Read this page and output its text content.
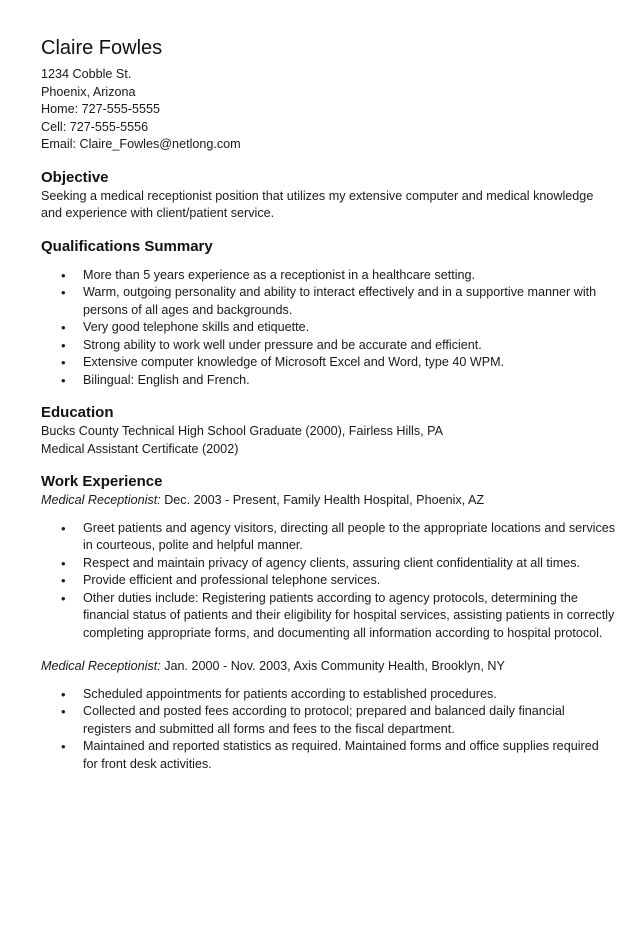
Claire Fowles
1234 Cobble St.
Phoenix, Arizona
Home: 727-555-5555
Cell: 727-555-5556
Email: Claire_Fowles@netlong.com
Objective

Seeking a medical receptionist position that utilizes my extensive computer and medical knowledge and experience with client/patient service.

Qualifications Summary
• More than 5 years experience as a receptionist in a healthcare setting.
• Warm, outgoing personality and ability to interact effectively and in a supportive manner with persons of all ages and backgrounds.
• Very good telephone skills and etiquette.
• Strong ability to work well under pressure and be accurate and efficient.
• Extensive computer knowledge of Microsoft Excel and Word, type 40 WPM.
• Bilingual: English and French.
Education

Bucks County Technical High School Graduate (2000), Fairless Hills, PA

Medical Assistant Certificate (2002)

Work Experience

Medical Receptionist: Dec. 2003 - Present, Family Health Hospital, Phoenix, AZ

• Greet patients and agency visitors, directing all people to the appropriate locations and services in courteous, polite and helpful manner.
• Respect and maintain privacy of agency clients, assuring client confidentiality at all times.
• Provide efficient and professional telephone services.
• Other duties include: Registering patients according to agency protocols, determining the financial status of patients and their eligibility for hospital services, assisting patients in correctly completing appropriate forms, and documenting all information according to hospital protocol.

Medical Receptionist: Jan. 2000 - Nov. 2003, Axis Community Health, Brooklyn, NY

• Scheduled appointments for patients according to established procedures.
• Collected and posted fees according to protocol; prepared and balanced daily financial registers and submitted all forms and fees to the fiscal department.
• Maintained and reported statistics as required. Maintained forms and office supplies required for front desk activities.
